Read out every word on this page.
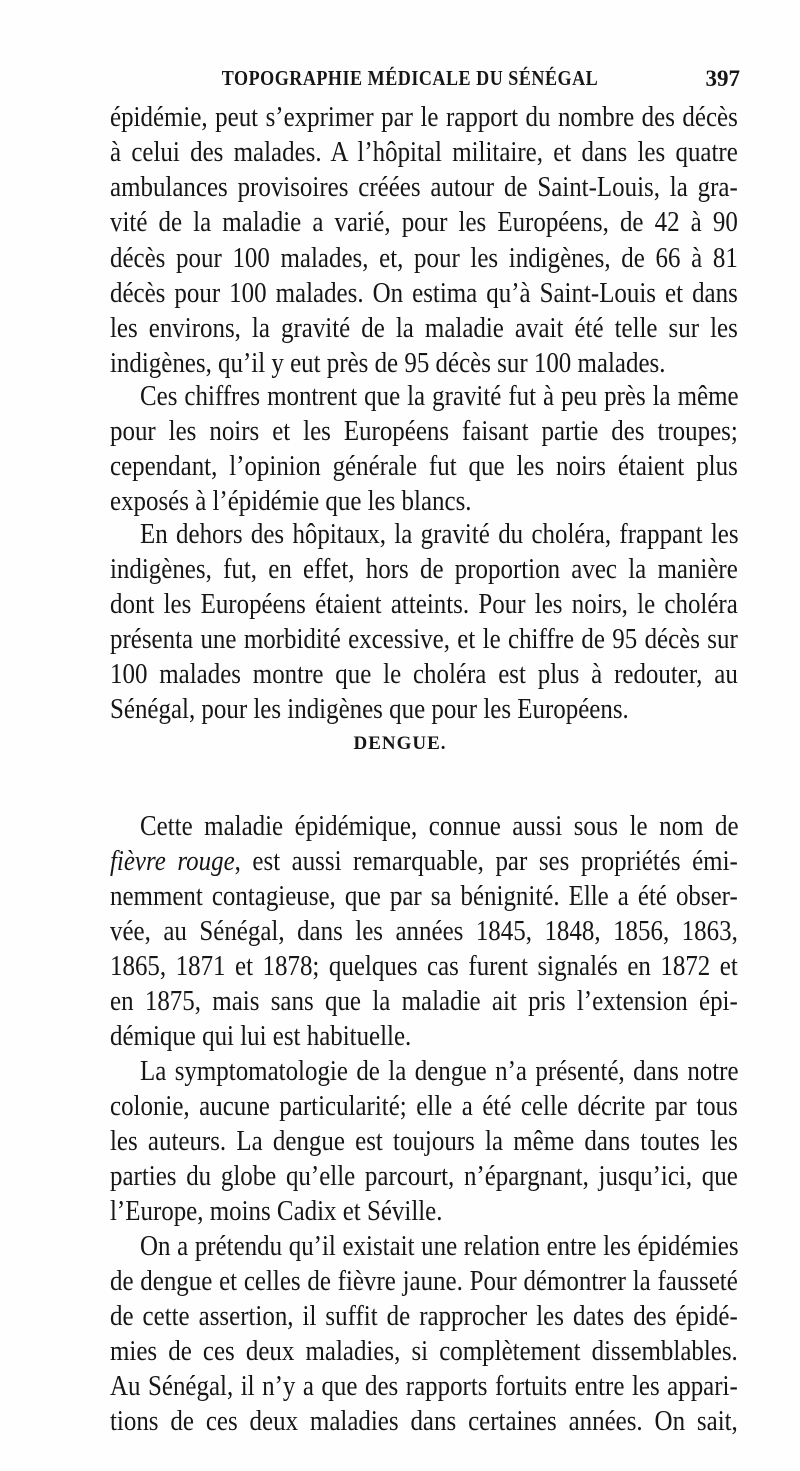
TOPOGRAPHIE MÉDICALE DU SÉNÉGAL	397
épidémie, peut s’exprimer par le rapport du nombre des décès
à celui des malades. A l’hôpital militaire, et dans les quatre
ambulances provisoires créées autour de Saint-Louis, la gra-
vité de la maladie a varié, pour les Européens, de 42 à 90
décès pour 100 malades, et, pour les indigènes, de 66 à 81
décès pour 100 malades. On estima qu’à Saint-Louis et dans
les environs, la gravité de la maladie avait été telle sur les
indigènes, qu’il y eut près de 95 décès sur 100 malades.
Ces chiffres montrent que la gravité fut à peu près la même
pour les noirs et les Européens faisant partie des troupes;
cependant, l’opinion générale fut que les noirs étaient plus
exposés à l’épidémie que les blancs.
En dehors des hôpitaux, la gravité du choléra, frappant les
indigènes, fut, en effet, hors de proportion avec la manière
dont les Européens étaient atteints. Pour les noirs, le choléra
présenta une morbidité excessive, et le chiffre de 95 décès sur
100 malades montre que le choléra est plus à redouter, au
Sénégal, pour les indigènes que pour les Européens.
DENGUE.
Cette maladie épidémique, connue aussi sous le nom de
fièvre rouge, est aussi remarquable, par ses propriétés émi-
nemment contagieuse, que par sa bénignité. Elle a été obser-
vée, au Sénégal, dans les années 1845, 1848, 1856, 1863,
1865, 1871 et 1878; quelques cas furent signalés en 1872 et
en 1875, mais sans que la maladie ait pris l’extension épi-
démique qui lui est habituelle.
La symptomatologie de la dengue n’a présenté, dans notre
colonie, aucune particularité; elle a été celle décrite par tous
les auteurs. La dengue est toujours la même dans toutes les
parties du globe qu’elle parcourt, n’épargnant, jusqu’ici, que
l’Europe, moins Cadix et Séville.
On a prétendu qu’il existait une relation entre les épidémies
de dengue et celles de fièvre jaune. Pour démontrer la fausseté
de cette assertion, il suffit de rapprocher les dates des épidé-
mies de ces deux maladies, si complètement dissemblables.
Au Sénégal, il n’y a que des rapports fortuits entre les appari-
tions de ces deux maladies dans certaines années. On sait,
